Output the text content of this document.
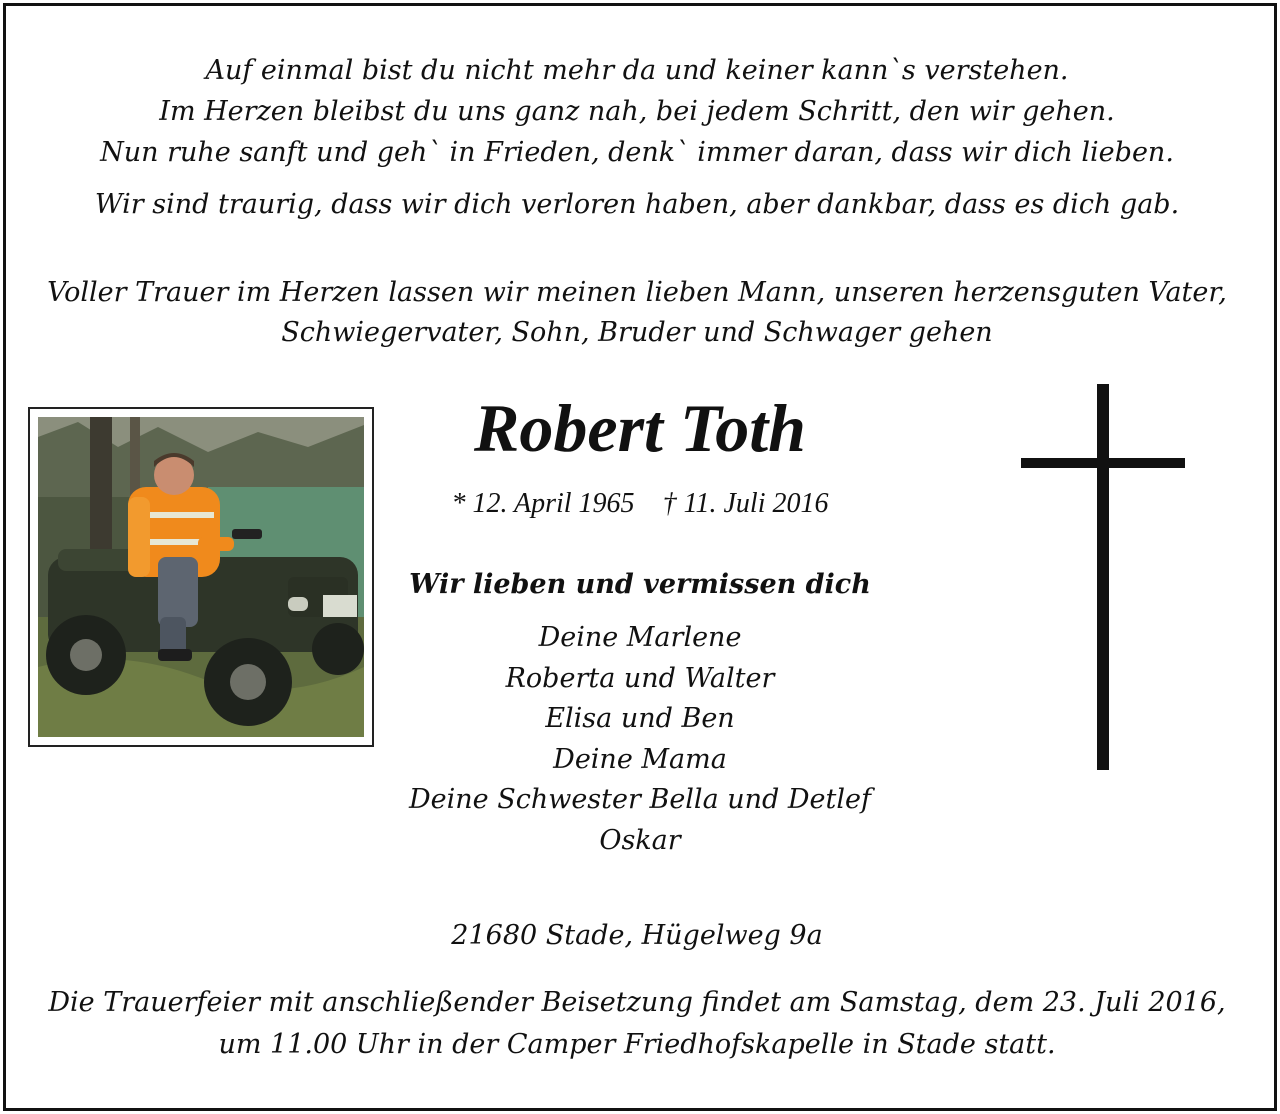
Auf einmal bist du nicht mehr da und keiner kann`s verstehen.
Im Herzen bleibst du uns ganz nah, bei jedem Schritt, den wir gehen.
Nun ruhe sanft und geh` in Frieden, denk` immer daran, dass wir dich lieben.
Wir sind traurig, dass wir dich verloren haben, aber dankbar, dass es dich gab.
Voller Trauer im Herzen lassen wir meinen lieben Mann, unseren herzensguten Vater,
Schwiegervater, Sohn, Bruder und Schwager gehen
Robert Toth
* 12. April 1965 † 11. Juli 2016
Wir lieben und vermissen dich
Deine Marlene
Roberta und Walter
Elisa und Ben
Deine Mama
Deine Schwester Bella und Detlef
Oskar
21680 Stade, Hügelweg 9a
Die Trauerfeier mit anschließender Beisetzung findet am Samstag, dem 23. Juli 2016,
um 11.00 Uhr in der Camper Friedhofskapelle in Stade statt.
